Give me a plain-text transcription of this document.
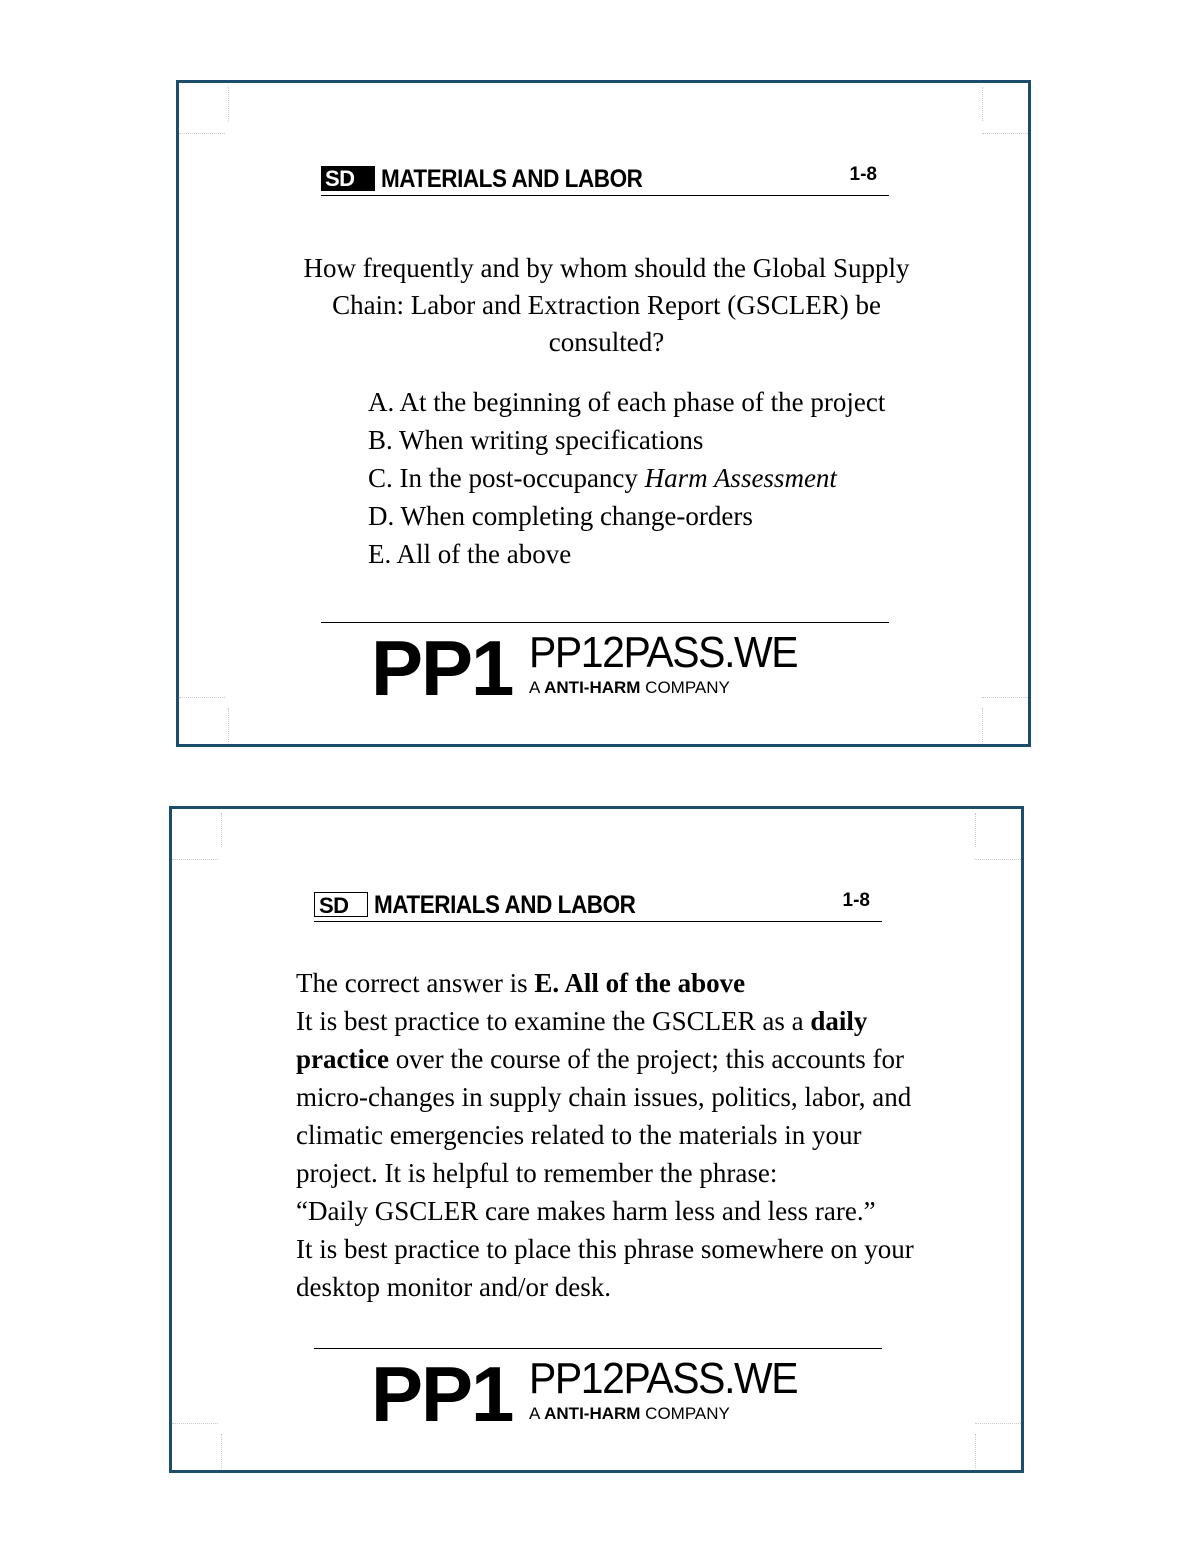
SD	MATERIALS AND LABOR	1-8
How frequently and by whom should the Global Supply Chain: Labor and Extraction Report (GSCLER) be consulted?
A. At the beginning of each phase of the project
B. When writing specifications
C. In the post-occupancy Harm Assessment
D. When completing change-orders
E. All of the above
PP1 PP12PASS.WE
A ANTI-HARM COMPANY
SD	MATERIALS AND LABOR	1-8

The correct answer is E. All of the above

It is best practice to examine the GSCLER as a daily practice over the course of the project; this accounts for micro-changes in supply chain issues, politics, labor, and climatic emergencies related to the materials in your project. It is helpful to remember the phrase:

“Daily GSCLER care makes harm less and less rare.”

It is best practice to place this phrase somewhere on your desktop monitor and/or desk.

PP1 PP12PASS.WE
A ANTI-HARM COMPANY
